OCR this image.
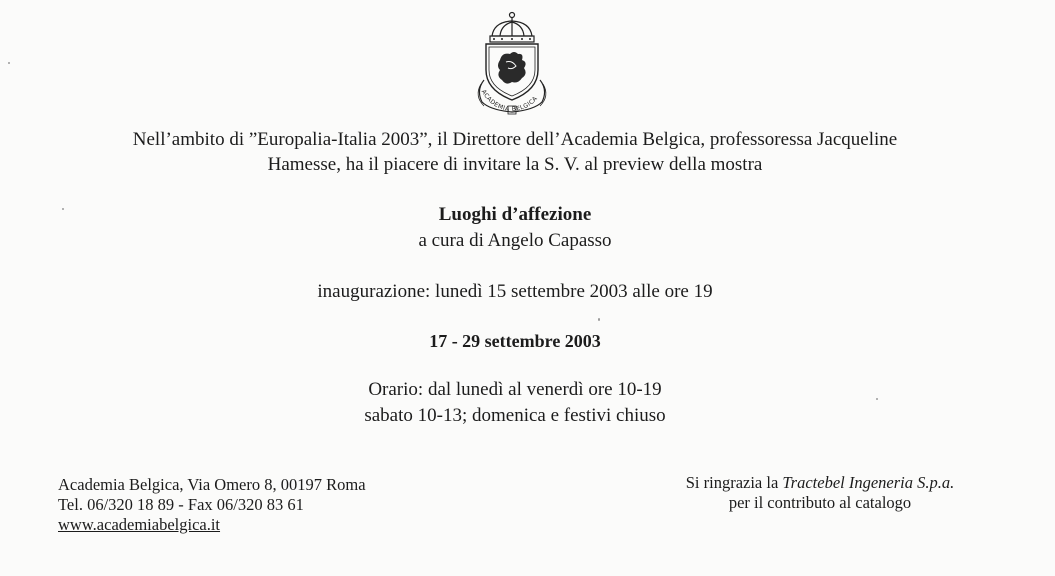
ACADEMIA BELGICA
Nell’ambito di ”Europalia-Italia 2003”, il Direttore dell’Academia Belgica, professoressa Jacqueline
Hamesse, ha il piacere di invitare la S. V. al preview della mostra
Luoghi d’affezione
a cura di Angelo Capasso
inaugurazione: lunedì 15 settembre 2003 alle ore 19
17 - 29 settembre 2003
Orario: dal lunedì al venerdì ore 10-19
sabato 10-13; domenica e festivi chiuso
Academia Belgica, Via Omero 8, 00197 Roma
Tel. 06/320 18 89 - Fax 06/320 83 61
www.academiabelgica.it
Si ringrazia la Tractebel Ingeneria S.p.a.
per il contributo al catalogo
